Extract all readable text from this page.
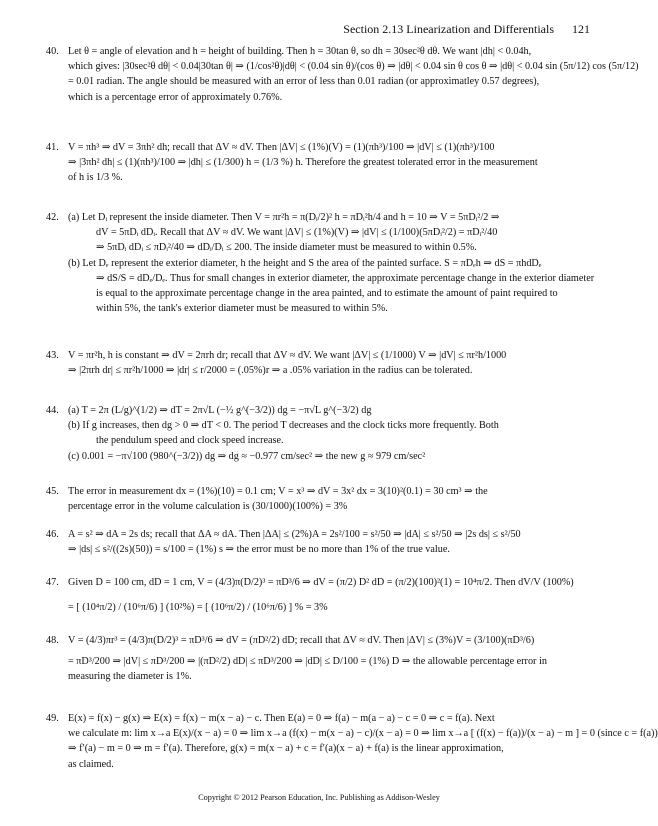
Section 2.13 Linearization and Differentials 121
40. Let θ = angle of elevation and h = height of building. Then h = 30tan θ, so dh = 30sec²θ dθ. We want |dh| < 0.04h,
which gives: |30sec²θ dθ| < 0.04|30tan θ| ⇒ (1/cos²θ)|dθ| < (0.04 sin θ)/(cos θ) ⇒ |dθ| < 0.04 sin θ cos θ ⇒ |dθ| < 0.04 sin (5π/12) cos (5π/12)
= 0.01 radian. The angle should be measured with an error of less than 0.01 radian (or approximatley 0.57 degrees),
which is a percentage error of approximately 0.76%.
41. V = πh³ ⇒ dV = 3πh² dh; recall that ΔV ≈ dV. Then |ΔV| ≤ (1%)(V) = (1)(πh³)/100 ⇒ |dV| ≤ (1)(πh³)/100
⇒ |3πh² dh| ≤ (1)(πh³)/100 ⇒ |dh| ≤ (1/300) h = (1/3 %) h. Therefore the greatest tolerated error in the measurement
of h is 1/3 %.
42. (a) Let Dᵢ represent the inside diameter. Then V = πr²h = π(Dᵢ/2)² h = πDᵢ²h/4 and h = 10 ⇒ V = 5πDᵢ²/2 ⇒
dV = 5πDᵢ dDᵢ. Recall that ΔV ≈ dV. We want |ΔV| ≤ (1%)(V) ⇒ |dV| ≤ (1/100)(5πDᵢ²/2) = πDᵢ²/40
⇒ 5πDᵢ dDᵢ ≤ πDᵢ²/40 ⇒ dDᵢ/Dᵢ ≤ 200. The inside diameter must be measured to within 0.5%.
(b) Let Dₑ represent the exterior diameter, h the height and S the area of the painted surface. S = πDₑh ⇒ dS = πhdDₑ
⇒ dS/S = dDₑ/Dₑ. Thus for small changes in exterior diameter, the approximate percentage change in the exterior diameter
is equal to the approximate percentage change in the area painted, and to estimate the amount of paint required to
within 5%, the tank's exterior diameter must be measured to within 5%.
43. V = πr²h, h is constant ⇒ dV = 2πrh dr; recall that ΔV ≈ dV. We want |ΔV| ≤ (1/1000) V ⇒ |dV| ≤ πr²h/1000
⇒ |2πrh dr| ≤ πr²h/1000 ⇒ |dr| ≤ r/2000 = (.05%)r ⇒ a .05% variation in the radius can be tolerated.
44. (a) T = 2π (L/g)^(1/2) ⇒ dT = 2π√L (−½ g^(−3/2)) dg = −π√L g^(−3/2) dg
(b) If g increases, then dg > 0 ⇒ dT < 0. The period T decreases and the clock ticks more frequently. Both
the pendulum speed and clock speed increase.
(c) 0.001 = −π√100 (980^(−3/2)) dg ⇒ dg ≈ −0.977 cm/sec² ⇒ the new g ≈ 979 cm/sec²
45. The error in measurement dx = (1%)(10) = 0.1 cm; V = x³ ⇒ dV = 3x² dx = 3(10)²(0.1) = 30 cm³ ⇒ the
percentage error in the volume calculation is (30/1000)(100%) = 3%
46. A = s² ⇒ dA = 2s ds; recall that ΔA ≈ dA. Then |ΔA| ≤ (2%)A = 2s²/100 = s²/50 ⇒ |dA| ≤ s²/50 ⇒ |2s ds| ≤ s²/50
⇒ |ds| ≤ s²/((2s)(50)) = s/100 = (1%) s ⇒ the error must be no more than 1% of the true value.
47. Given D = 100 cm, dD = 1 cm, V = (4/3)π(D/2)³ = πD³/6 ⇒ dV = (π/2) D² dD = (π/2)(100)²(1) = 10⁴π/2. Then dV/V (100%)
= [ (10⁴π/2) / (10⁶π/6) ] (10²%) = [ (10⁶π/2) / (10⁶π/6) ] % = 3%
48. V = (4/3)πr³ = (4/3)π(D/2)³ = πD³/6 ⇒ dV = (πD²/2) dD; recall that ΔV ≈ dV. Then |ΔV| ≤ (3%)V = (3/100)(πD³/6)
= πD³/200 ⇒ |dV| ≤ πD³/200 ⇒ |(πD²/2) dD| ≤ πD³/200 ⇒ |dD| ≤ D/100 = (1%) D ⇒ the allowable percentage error in
measuring the diameter is 1%.
49. E(x) = f(x) − g(x) ⇒ E(x) = f(x) − m(x − a) − c. Then E(a) = 0 ⇒ f(a) − m(a − a) − c = 0 ⇒ c = f(a). Next
we calculate m: lim x→a E(x)/(x − a) = 0 ⇒ lim x→a (f(x) − m(x − a) − c)/(x − a) = 0 ⇒ lim x→a [ (f(x) − f(a))/(x − a) − m ] = 0 (since c = f(a))
⇒ f′(a) − m = 0 ⇒ m = f′(a). Therefore, g(x) = m(x − a) + c = f′(a)(x − a) + f(a) is the linear approximation,
as claimed.
Copyright © 2012 Pearson Education, Inc. Publishing as Addison-Wesley
